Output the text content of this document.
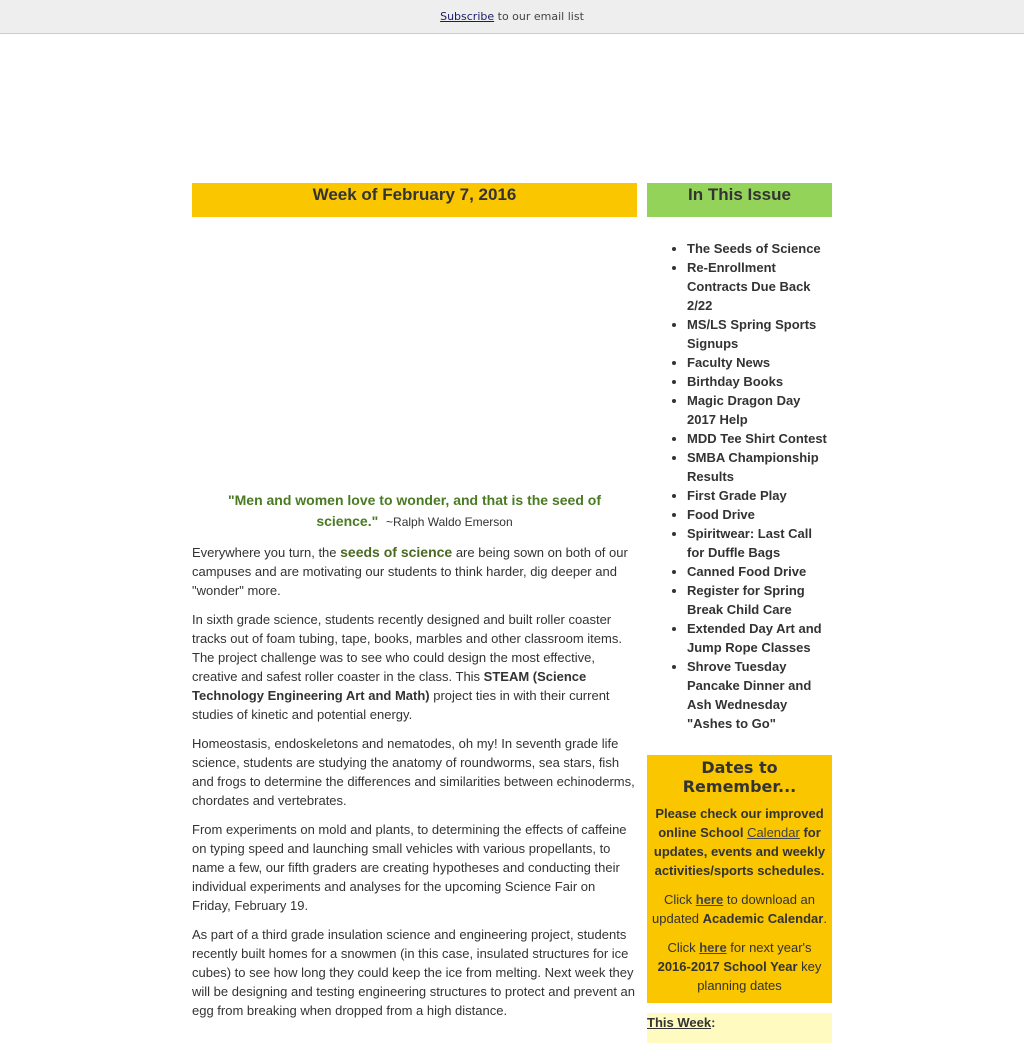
Subscribe to our email list
Week of February 7, 2016
"Men and women love to wonder, and that is the seed of science." ~Ralph Waldo Emerson

Everywhere you turn, the seeds of science are being sown on both of our campuses and are motivating our students to think harder, dig deeper and "wonder" more.

In sixth grade science, students recently designed and built roller coaster tracks out of foam tubing, tape, books, marbles and other classroom items. The project challenge was to see who could design the most effective, creative and safest roller coaster in the class. This STEAM (Science Technology Engineering Art and Math) project ties in with their current studies of kinetic and potential energy.

Homeostasis, endoskeletons and nematodes, oh my! In seventh grade life science, students are studying the anatomy of roundworms, sea stars, fish and frogs to determine the differences and similarities between echinoderms, chordates and vertebrates.

From experiments on mold and plants, to determining the effects of caffeine on typing speed and launching small vehicles with various propellants, to name a few, our fifth graders are creating hypotheses and conducting their individual experiments and analyses for the upcoming Science Fair on Friday, February 19.

As part of a third grade insulation science and engineering project, students recently built homes for a snowmen (in this case, insulated structures for ice cubes) to see how long they could keep the ice from melting. Next week they will be designing and testing engineering structures to protect and prevent an egg from breaking when dropped from a high distance.

In This Issue
• The Seeds of Science
• Re-Enrollment Contracts Due Back 2/22
• MS/LS Spring Sports Signups
• Faculty News
• Birthday Books
• Magic Dragon Day 2017 Help
• MDD Tee Shirt Contest
• SMBA Championship Results
• First Grade Play
• Food Drive
• Spiritwear: Last Call for Duffle Bags
• Canned Food Drive
• Register for Spring Break Child Care
• Extended Day Art and Jump Rope Classes
• Shrove Tuesday Pancake Dinner and Ash Wednesday "Ashes to Go"
Dates to Remember...

Please check our improved online School Calendar for updates, events and weekly activities/sports schedules.

Click here to download an updated Academic Calendar.

Click here for next year's 2016-2017 School Year key planning dates

This Week:
